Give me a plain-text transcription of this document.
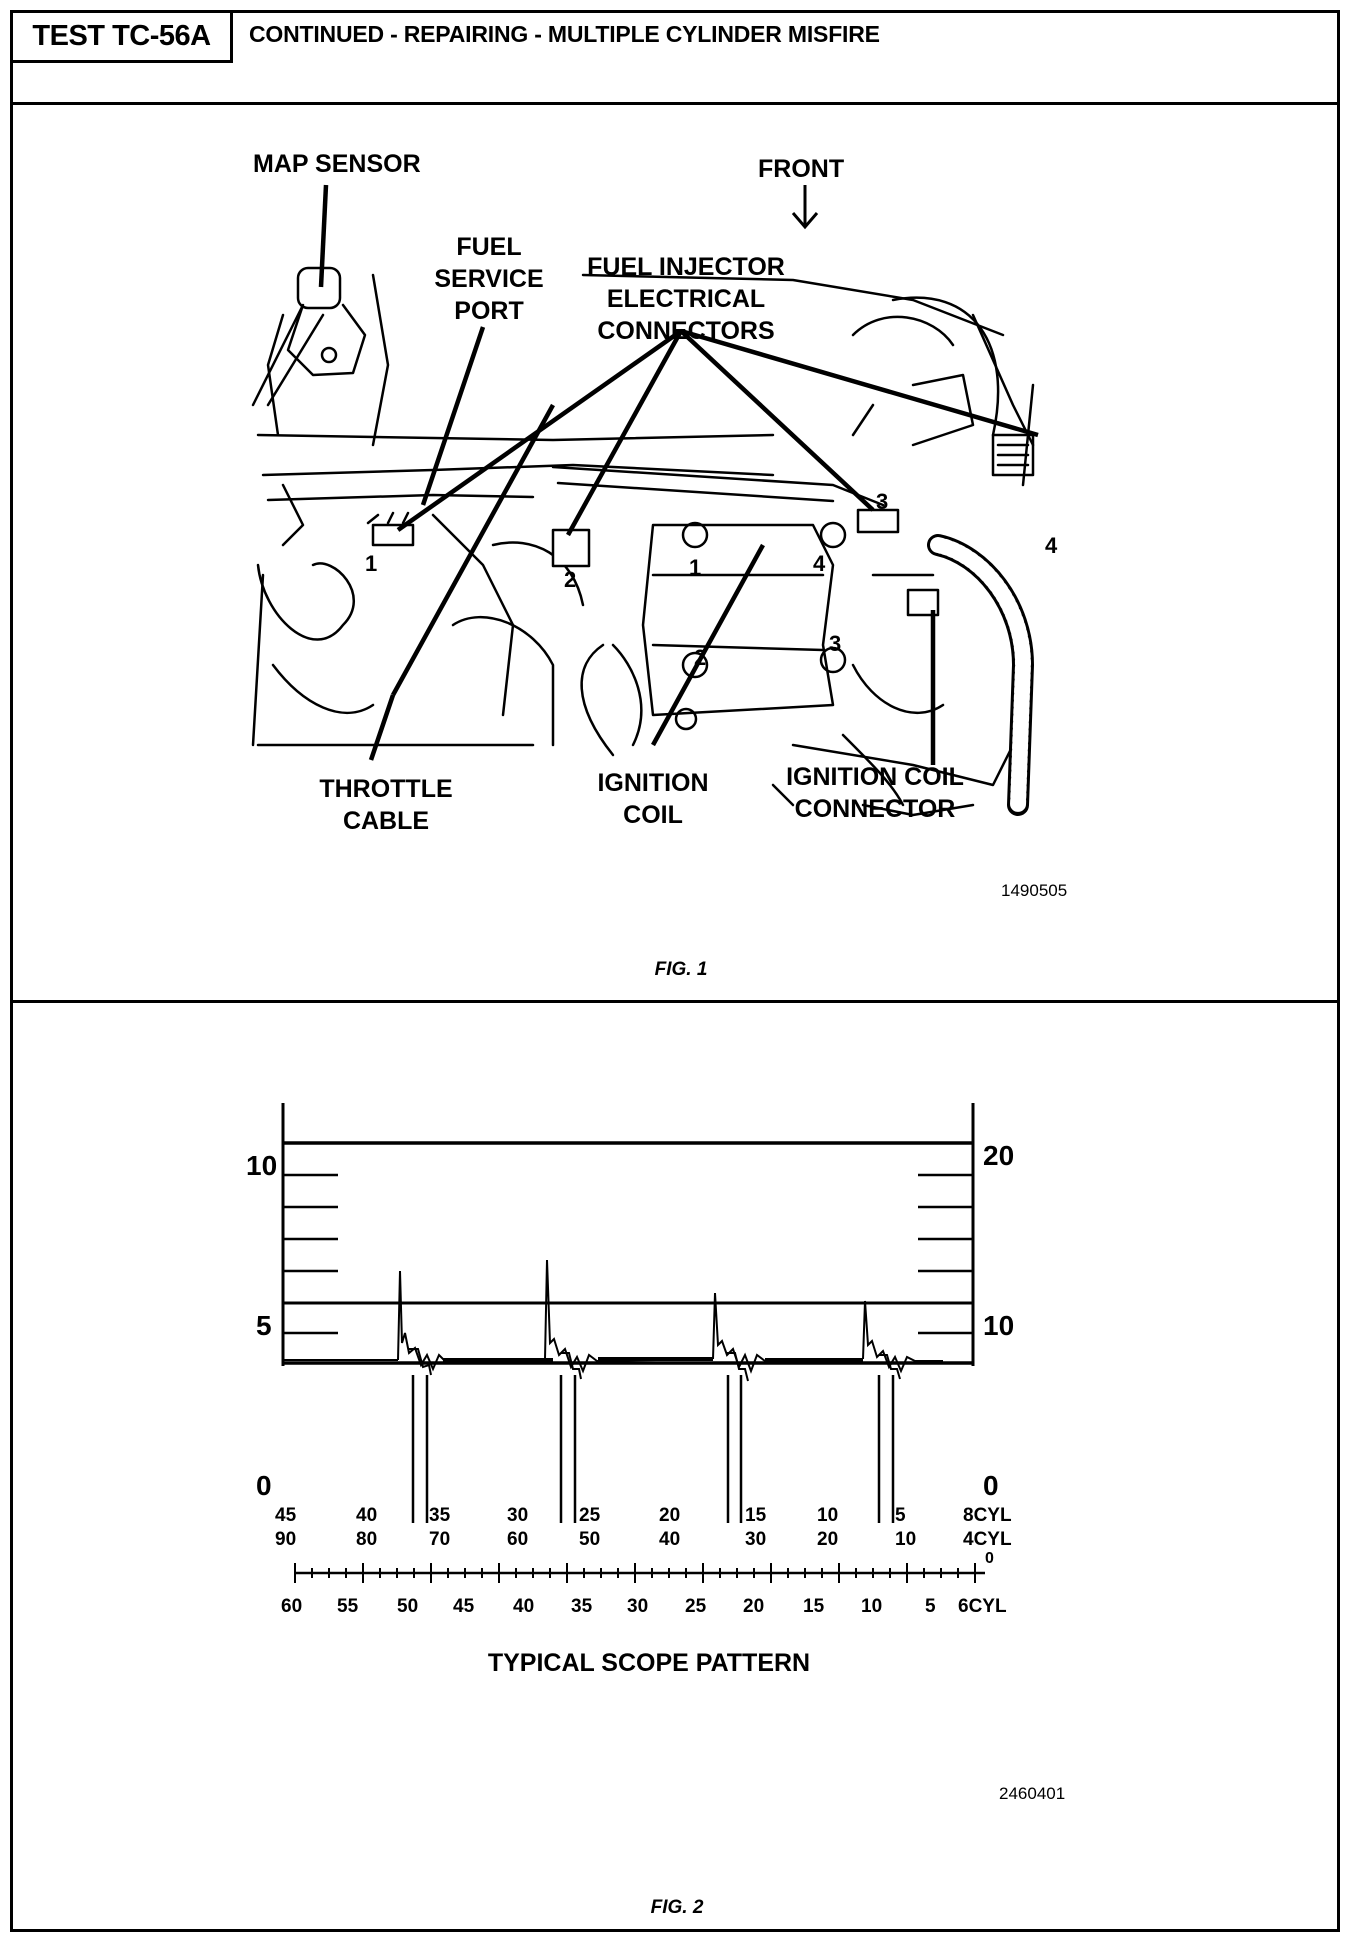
TEST TC-56A	CONTINUED - REPAIRING - MULTIPLE CYLINDER MISFIRE
MAP SENSOR	FRONT
FUEL
SERVICE
PORT
FUEL INJECTOR
ELECTRICAL
CONNECTORS
THROTTLE
CABLE
IGNITION
COIL
IGNITION COIL
CONNECTOR
1
2
3
4
1
2
3
4
1490505
FIG. 1
10
5
0
20
10
0
45	40	35	30	25	20	15	10	5	8CYL
90	80	70	60	50	40	30	20	10 4CYL
0
60 55 50 45 40 35 30 25 20 15 10 5 6CYL
TYPICAL SCOPE PATTERN
2460401
FIG. 2
